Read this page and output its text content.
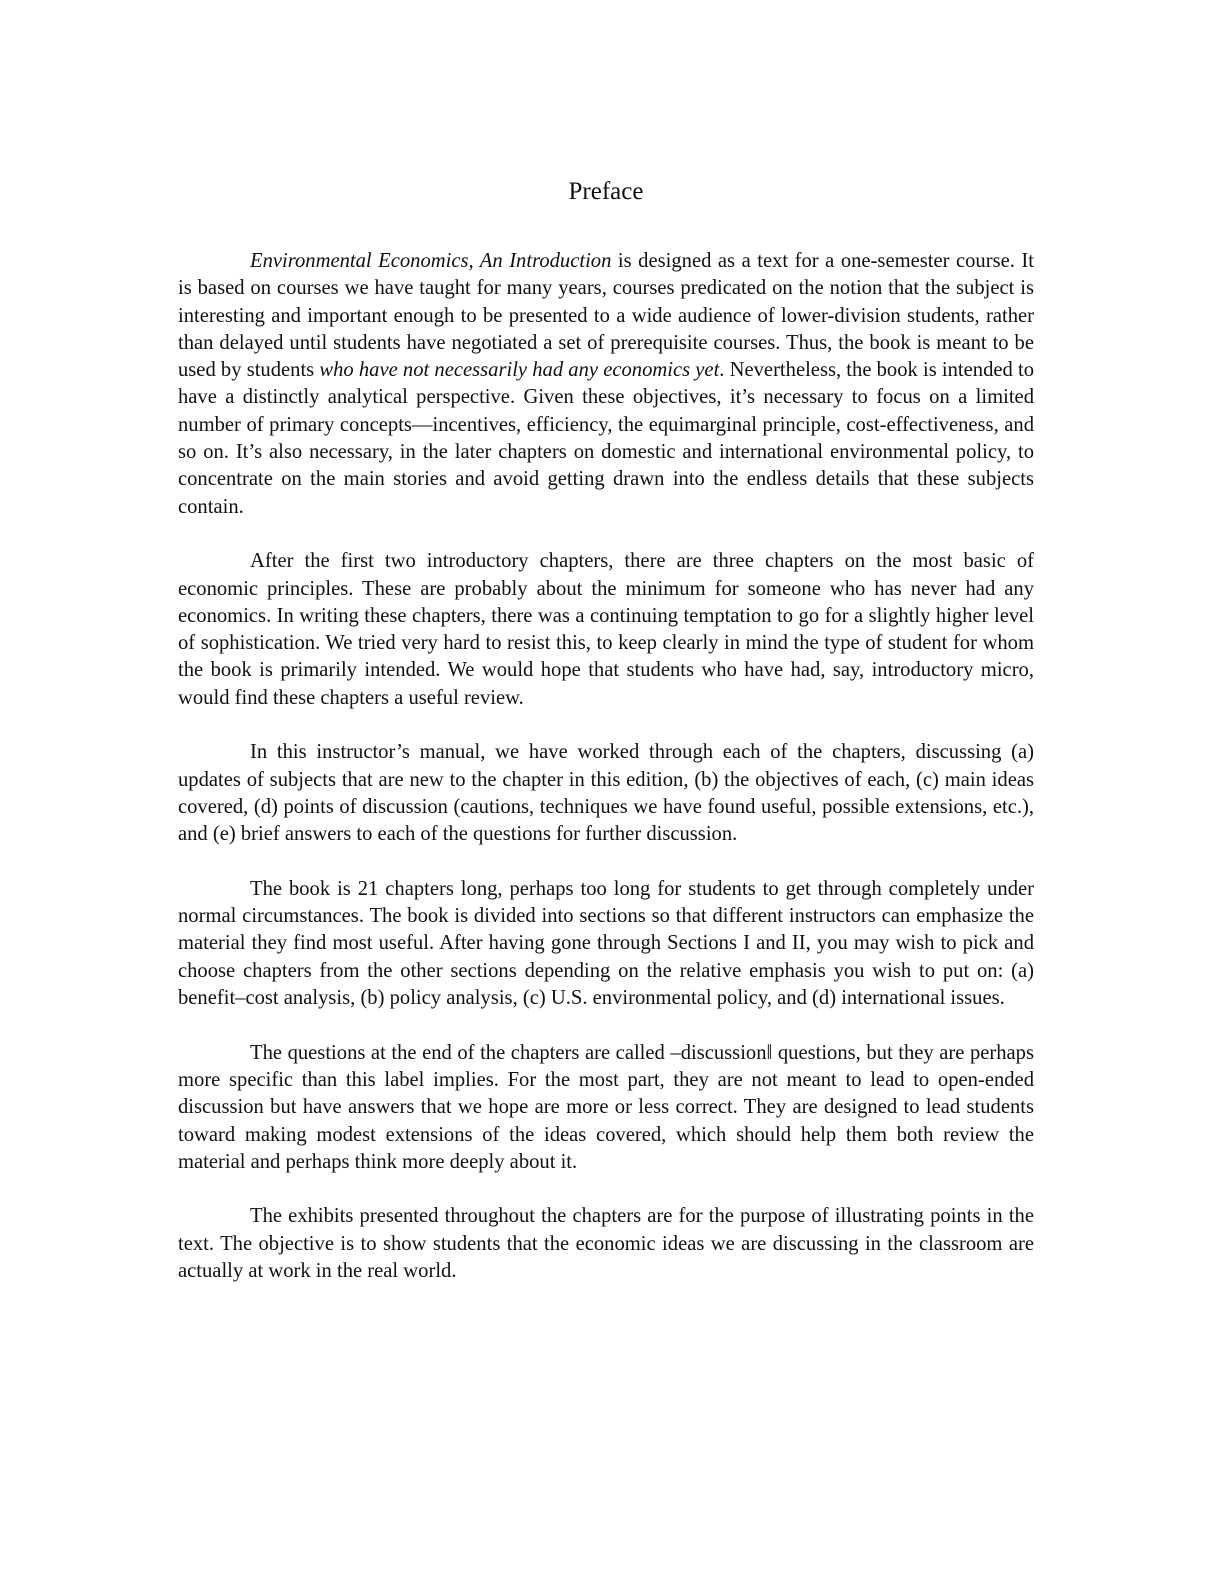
Preface

Environmental Economics, An Introduction is designed as a text for a one-semester course. It is based on courses we have taught for many years, courses predicated on the notion that the subject is interesting and important enough to be presented to a wide audience of lower-division students, rather than delayed until students have negotiated a set of prerequisite courses. Thus, the book is meant to be used by students who have not necessarily had any economics yet. Nevertheless, the book is intended to have a distinctly analytical perspective. Given these objectives, it’s necessary to focus on a limited number of primary concepts—incentives, efficiency, the equimarginal principle, cost-effectiveness, and so on. It’s also necessary, in the later chapters on domestic and international environmental policy, to concentrate on the main stories and avoid getting drawn into the endless details that these subjects contain.

After the first two introductory chapters, there are three chapters on the most basic of economic principles. These are probably about the minimum for someone who has never had any economics. In writing these chapters, there was a continuing temptation to go for a slightly higher level of sophistication. We tried very hard to resist this, to keep clearly in mind the type of student for whom the book is primarily intended. We would hope that students who have had, say, introductory micro, would find these chapters a useful review.

In this instructor’s manual, we have worked through each of the chapters, discussing (a) updates of subjects that are new to the chapter in this edition, (b) the objectives of each, (c) main ideas covered, (d) points of discussion (cautions, techniques we have found useful, possible extensions, etc.), and (e) brief answers to each of the questions for further discussion.

The book is 21 chapters long, perhaps too long for students to get through completely under normal circumstances. The book is divided into sections so that different instructors can emphasize the material they find most useful. After having gone through Sections I and II, you may wish to pick and choose chapters from the other sections depending on the relative emphasis you wish to put on: (a) benefit–cost analysis, (b) policy analysis, (c) U.S. environmental policy, and (d) international issues.

The questions at the end of the chapters are called –discussion‖ questions, but they are perhaps more specific than this label implies. For the most part, they are not meant to lead to open-ended discussion but have answers that we hope are more or less correct. They are designed to lead students toward making modest extensions of the ideas covered, which should help them both review the material and perhaps think more deeply about it.

The exhibits presented throughout the chapters are for the purpose of illustrating points in the text. The objective is to show students that the economic ideas we are discussing in the classroom are actually at work in the real world.
